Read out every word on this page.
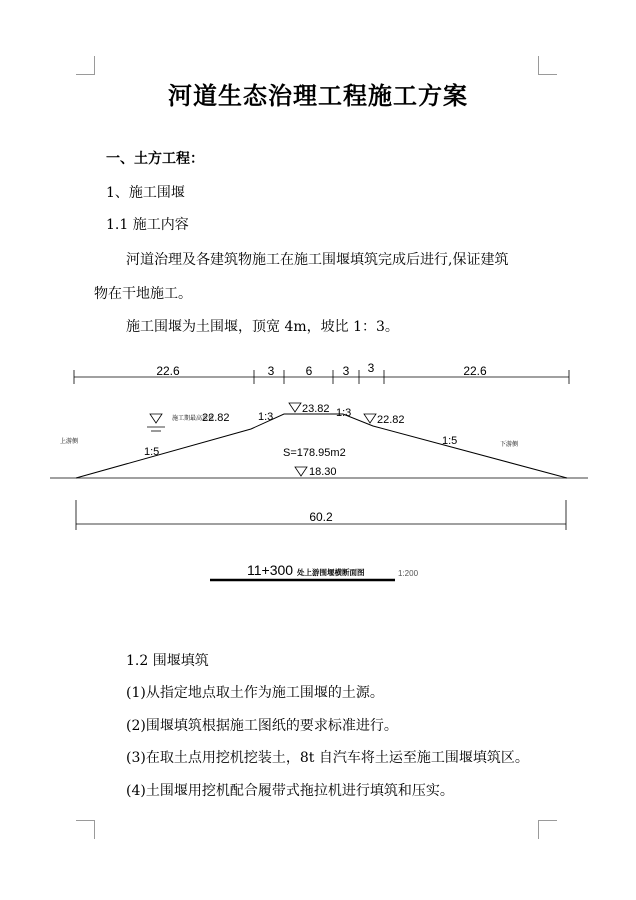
河道生态治理工程施工方案
一、土方工程：
1、施工围堰
1.1 施工内容
河道治理及各建筑物施工在施工围堰填筑完成后进行,保证建筑
物在干地施工。
施工围堰为土围堰，顶宽 4m，坡比 1：3。
22.6	3	6	3 3	22.6
施工期最高水位
22.82	1:3
23.82 1:3
22.82
上游侧	下游侧
1:5
1:5
S=178.95m2
18.30
60.2
11+300 处上游围堰横断面图	1:200
1.2 围堰填筑
(1)从指定地点取土作为施工围堰的土源。
(2)围堰填筑根据施工图纸的要求标准进行。
(3)在取土点用挖机挖装土，8t 自汽车将土运至施工围堰填筑区。
(4)土围堰用挖机配合履带式拖拉机进行填筑和压实。
